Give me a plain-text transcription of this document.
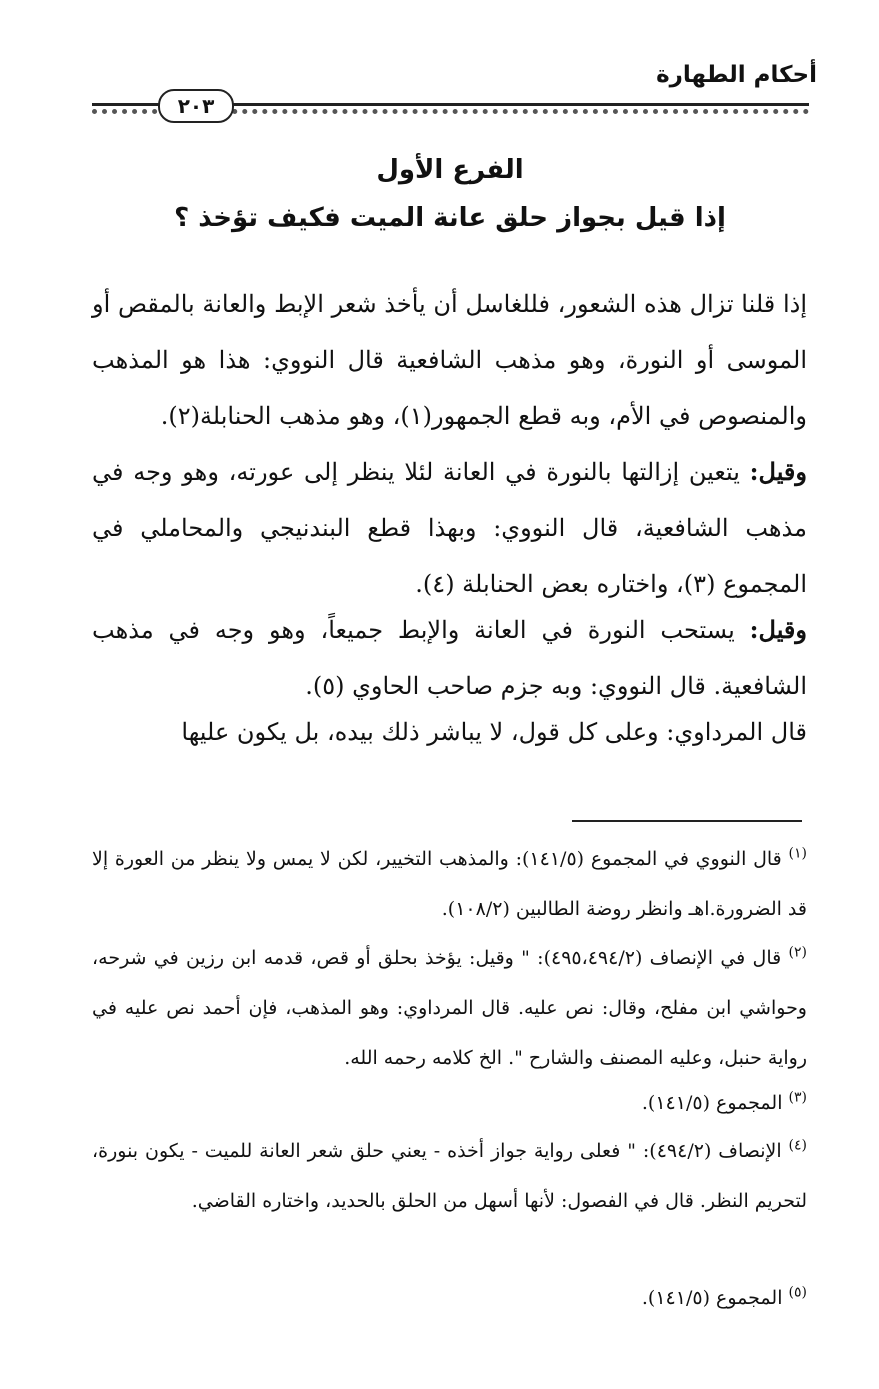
أحكام الطهارة
٢٠٣
الفرع الأول
إذا قيل بجواز حلق عانة الميت فكيف تؤخذ ؟
إذا قلنا تزال هذه الشعور، فللغاسل أن يأخذ شعر الإبط والعانة بالمقص أو الموسى أو النورة، وهو مذهب الشافعية قال النووي: هذا هو المذهب والمنصوص في الأم، وبه قطع الجمهور(١)، وهو مذهب الحنابلة(٢).
وقيل: يتعين إزالتها بالنورة في العانة لئلا ينظر إلى عورته، وهو وجه في مذهب الشافعية، قال النووي: وبهذا قطع البندنيجي والمحاملي في المجموع (٣)، واختاره بعض الحنابلة (٤).
وقيل: يستحب النورة في العانة والإبط جميعاً، وهو وجه في مذهب الشافعية. قال النووي: وبه جزم صاحب الحاوي (٥).
قال المرداوي: وعلى كل قول، لا يباشر ذلك بيده، بل يكون عليها
$^{(١)}$ قال النووي في المجموع (١٤١/٥): والمذهب التخيير، لكن لا يمس ولا ينظر من العورة إلا قد الضرورة.اهـ وانظر روضة الطالبين (١٠٨/٢).
$^{(٢)}$ قال في الإنصاف (٤٩٥،٤٩٤/٢): " وقيل: يؤخذ بحلق أو قص، قدمه ابن رزين في شرحه، وحواشي ابن مفلح، وقال: نص عليه. قال المرداوي: وهو المذهب، فإن أحمد نص عليه في رواية حنبل، وعليه المصنف والشارح ". الخ كلامه رحمه الله.
$^{(٣)}$ المجموع (١٤١/٥).
$^{(٤)}$ الإنصاف (٤٩٤/٢): " فعلى رواية جواز أخذه - يعني حلق شعر العانة للميت - يكون بنورة، لتحريم النظر. قال في الفصول: لأنها أسهل من الحلق بالحديد، واختاره القاضي.
$^{(٥)}$ المجموع (١٤١/٥).
